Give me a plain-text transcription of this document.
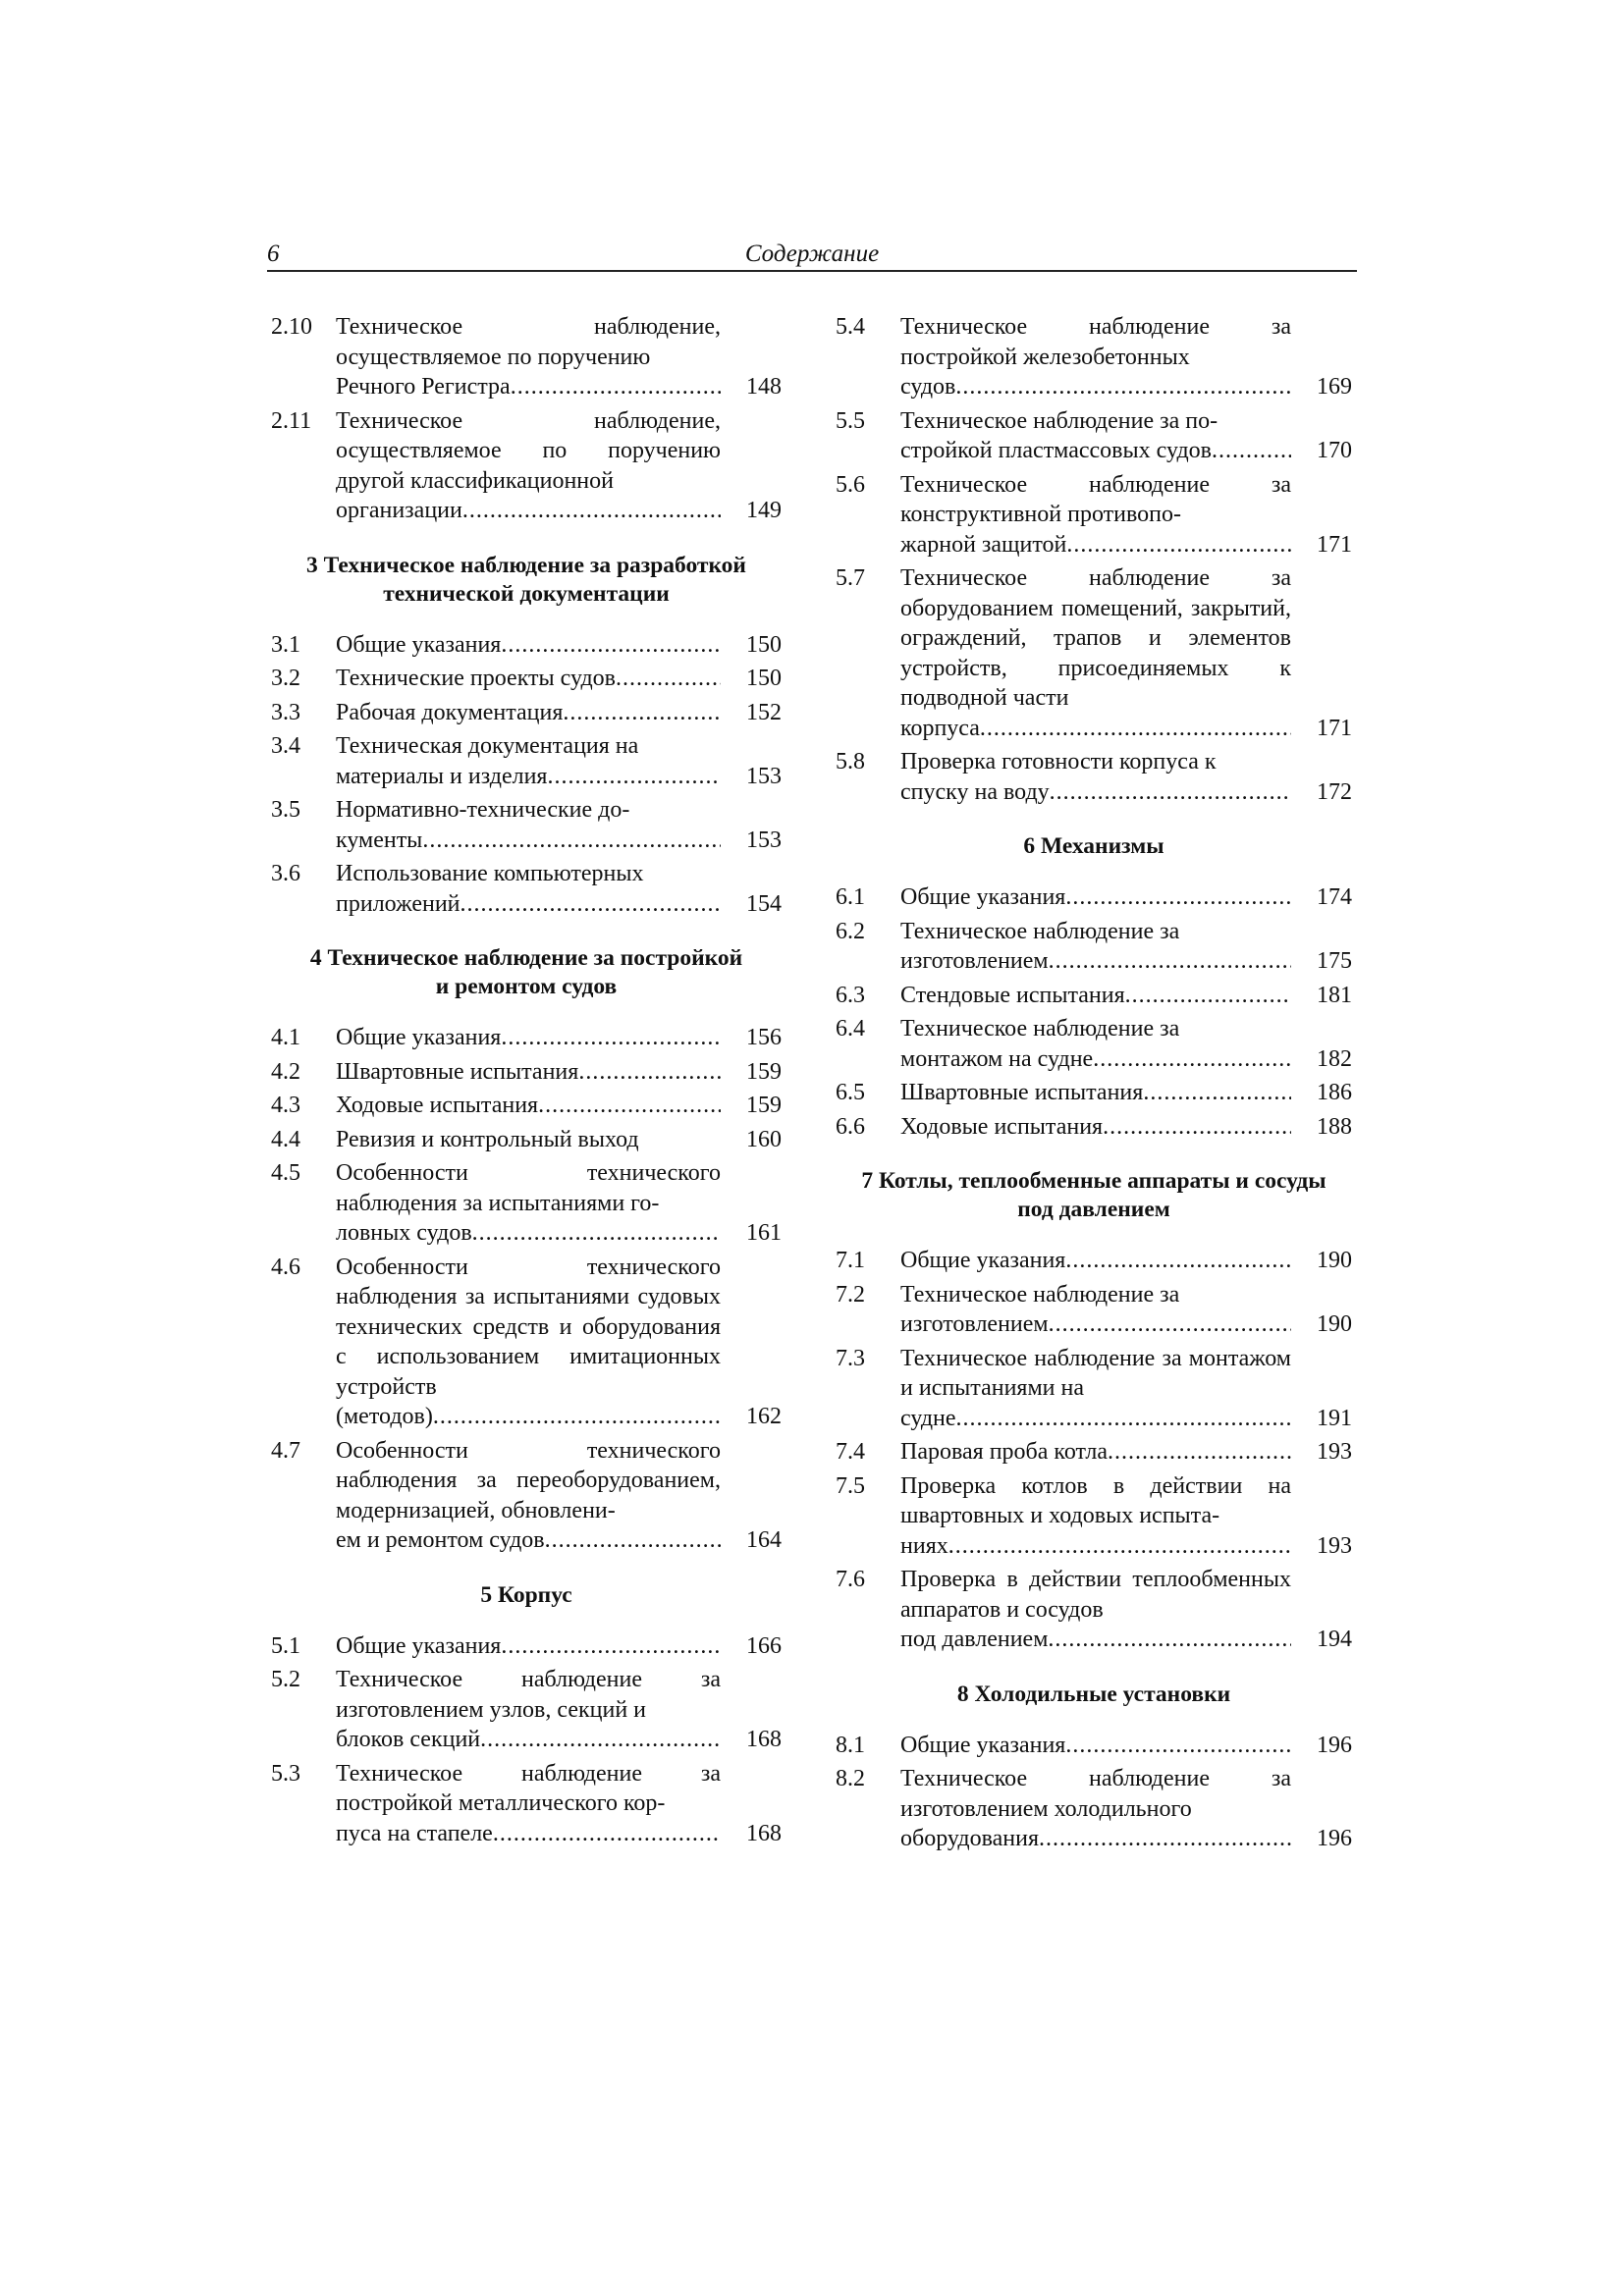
6	Содержание
2.10	Техническое наблюдение, осуществляемое по поручению
Речного Регистра .....	148
2.11	Техническое наблюдение, осуществляемое по поручению другой классификационной
организации .....	149
3 Техническое наблюдение за разработкой
технической документации
3.1	Общие указания .....	150
3.2	Технические проекты судов .....	150
3.3	Рабочая документация .....	152
3.4	Техническая документация на
материалы и изделия .....	153
3.5	Нормативно-технические до-
кументы .....	153
3.6	Использование компьютерных
приложений .....	154
4 Техническое наблюдение за постройкой
и ремонтом судов
4.1	Общие указания .....	156
4.2	Швартовные испытания .....	159
4.3	Ходовые испытания .....	159
4.4	Ревизия и контрольный выход	160
4.5	Особенности технического наблюдения за испытаниями го-
ловных судов .....	161
4.6	Особенности технического наблюдения за испытаниями судовых технических средств и оборудования с использованием имитационных устройств
(методов) .....	162
4.7	Особенности технического наблюдения за переоборудованием, модернизацией, обновлени-
ем и ремонтом судов .....	164
5 Корпус
5.1	Общие указания .....	166
5.2	Техническое наблюдение за изготовлением узлов, секций и
блоков секций .....	168
5.3	Техническое наблюдение за постройкой металлического кор-
пуса на стапеле .....	168
5.4	Техническое наблюдение за постройкой железобетонных
судов .....	169
5.5	Техническое наблюдение за по-
стройкой пластмассовых судов .....	170
5.6	Техническое наблюдение за конструктивной противопо-
жарной защитой .....	171
5.7	Техническое наблюдение за оборудованием помещений, закрытий, ограждений, трапов и элементов устройств, присоединяемых к подводной части
корпуса .....	171
5.8	Проверка готовности корпуса к
спуску на воду .....	172
6 Механизмы
6.1	Общие указания .....	174
6.2	Техническое наблюдение за
изготовлением .....	175
6.3	Стендовые испытания .....	181
6.4	Техническое наблюдение за
монтажом на судне .....	182
6.5	Швартовные испытания .....	186
6.6	Ходовые испытания .....	188
7 Котлы, теплообменные аппараты и сосуды
под давлением
7.1	Общие указания .....	190
7.2	Техническое наблюдение за
изготовлением .....	190
7.3	Техническое наблюдение за монтажом и испытаниями на
судне .....	191
7.4	Паровая проба котла .....	193
7.5	Проверка котлов в действии на швартовных и ходовых испыта-
ниях .....	193
7.6	Проверка в действии теплообменных аппаратов и сосудов
под давлением .....	194
8 Холодильные установки
8.1	Общие указания .....	196
8.2	Техническое наблюдение за изготовлением холодильного
оборудования .....	196
